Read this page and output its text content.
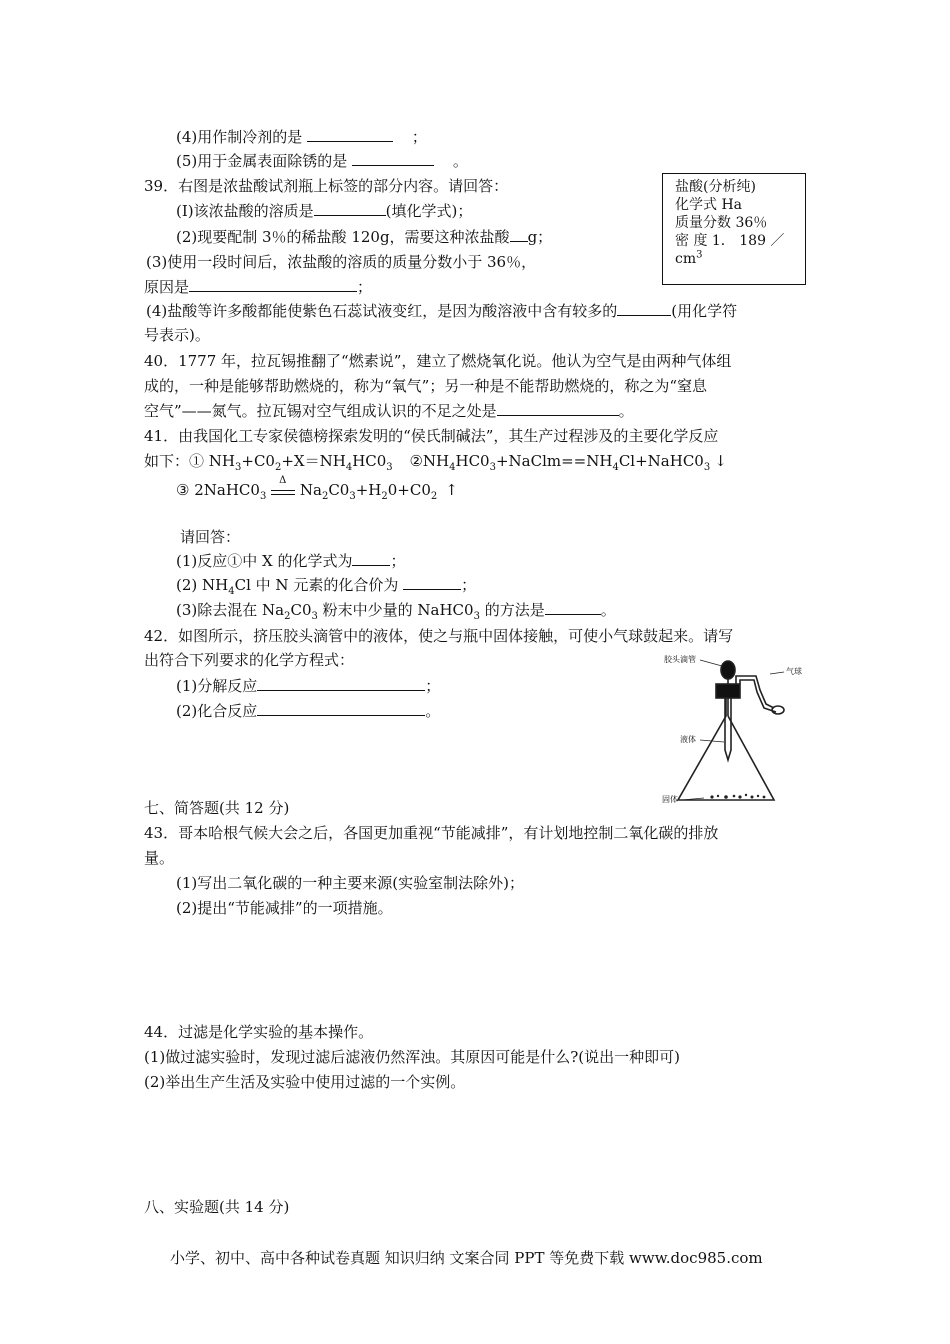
(4)用作制冷剂的是	；
(5)用于金属表面除锈的是	。
39．右图是浓盐酸试剂瓶上标签的部分内容。请回答：
(I)该浓盐酸的溶质是	(填化学式)；
(2)现要配制 3％的稀盐酸 120g，需要这种浓盐酸 g；
(3)使用一段时间后，浓盐酸的溶质的质量分数小于 36％，
原因是	；
(4)盐酸等许多酸都能使紫色石蕊试液变红，是因为酸溶液中含有较多的	(用化学符
号表示)。
盐酸(分析纯)
化学式 Ha
质量分数 36％
密 度 1． 189 ／
$cm^3$
40．1777 年，拉瓦锡推翻了“燃素说”，建立了燃烧氧化说。他认为空气是由两种气体组
成的，一种是能够帮助燃烧的，称为“氧气”；另一种是不能帮助燃烧的，称之为“窒息
空气”——氮气。拉瓦锡对空气组成认识的不足之处是	。
41．由我国化工专家侯德榜探索发明的“侯氏制碱法”，其生产过程涉及的主要化学反应
如下：① $NH_3+C0_2+X=NH_4HC0_3$ $②NH_4HC0_3+NaClm==NH_4Cl+NaHC0_3$ ↓
③ $2NaHC0_3$
Δ
$Na_2C0_3+H_20+C0_2$ ↑
请回答：
(1)反应①中 X 的化学式为	；
(2) $NH_4Cl$ 中 N 元素的化合价为	；
(3)除去混在 $Na_2C0_3$ 粉末中少量的 $NaHC0_3$ 的方法是	。
42．如图所示，挤压胶头滴管中的液体，使之与瓶中固体接触，可使小气球鼓起来。请写
出符合下列要求的化学方程式：
(1)分解反应	；
(2)化合反应	。
胶头滴管
气球
液体
固体
七、简答题(共 12 分)
43．哥本哈根气候大会之后，各国更加重视“节能减排”，有计划地控制二氧化碳的排放
量。
(1)写出二氧化碳的一种主要来源(实验室制法除外)；
(2)提出“节能减排”的一项措施。
44．过滤是化学实验的基本操作。
(1)做过滤实验时，发现过滤后滤液仍然浑浊。其原因可能是什么?(说出一种即可)
(2)举出生产生活及实验中使用过滤的一个实例。
八、实验题(共 14 分)
小学、初中、高中各种试卷真题 知识归纳 文案合同 PPT 等免费下载 www.doc985.com
